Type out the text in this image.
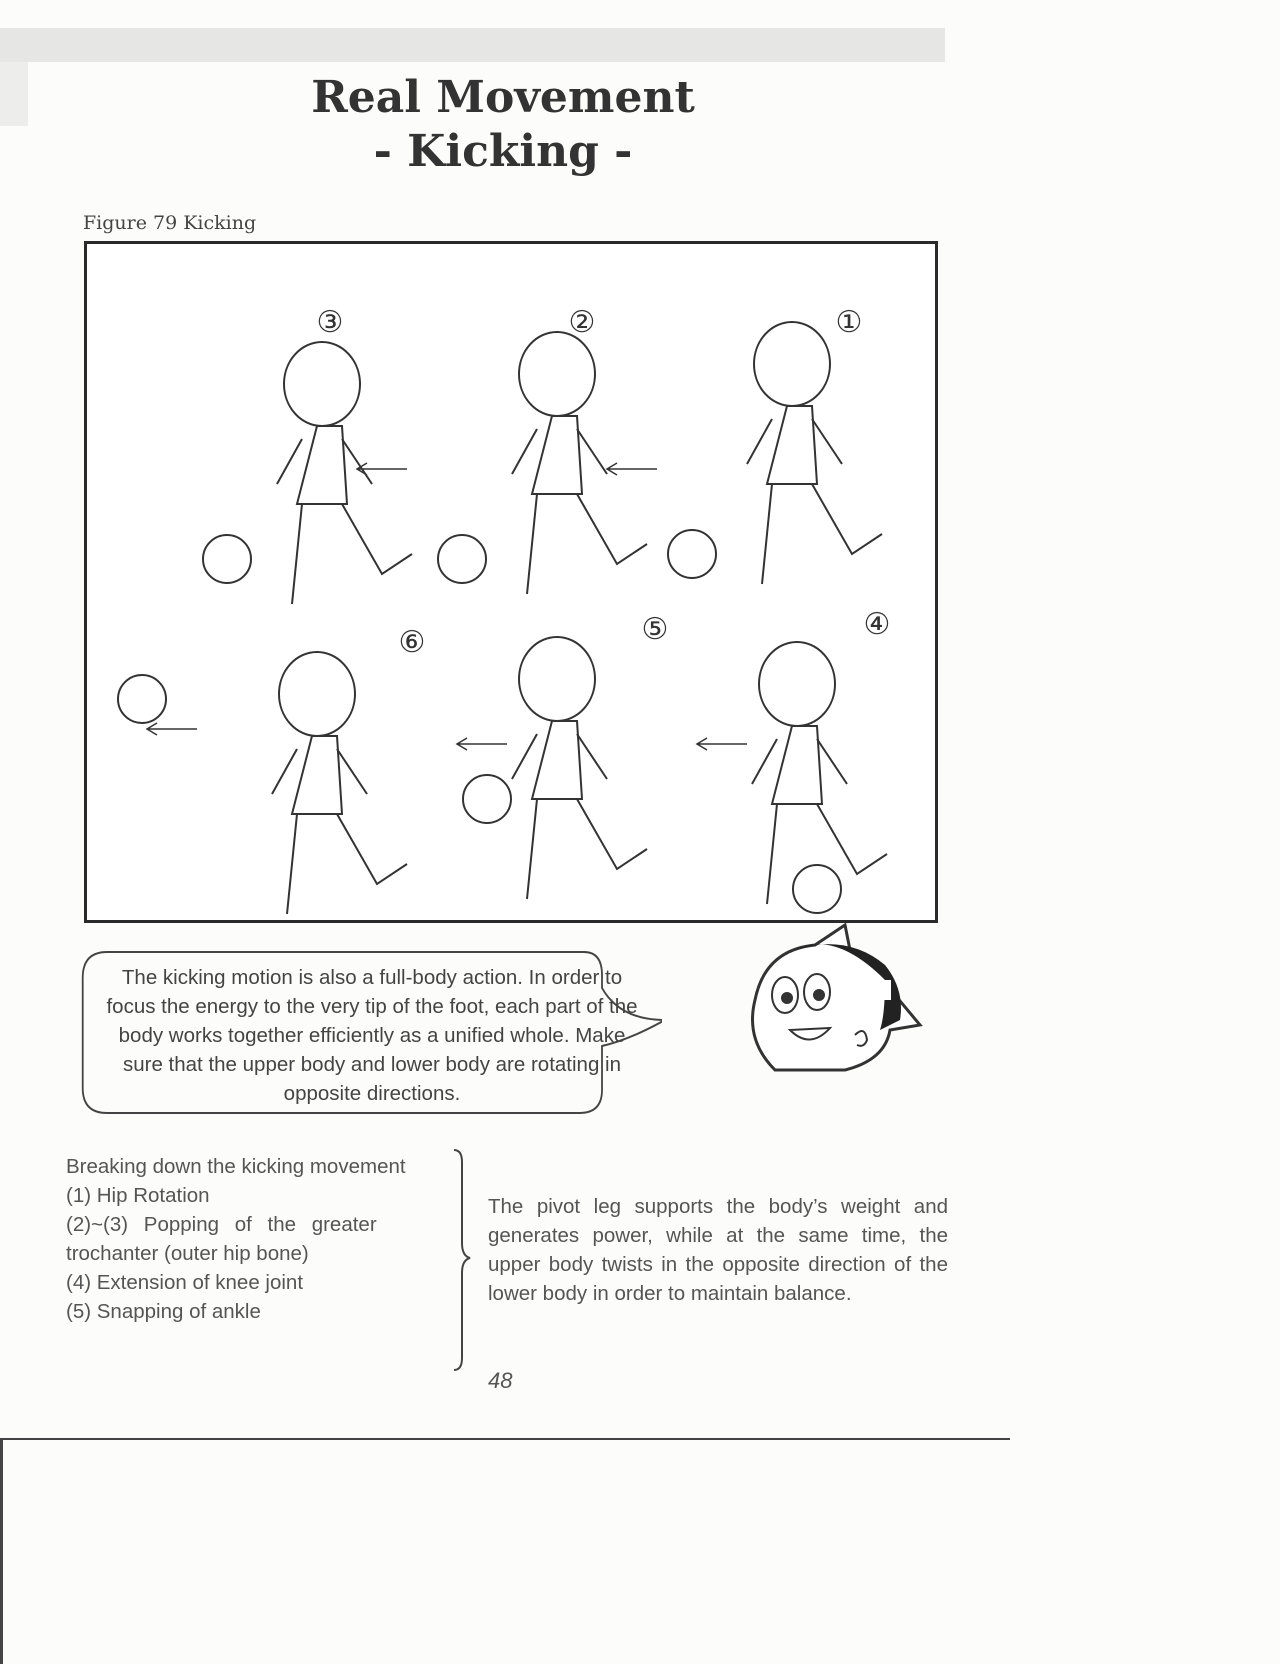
Real Movement
- Kicking -
Figure 79 Kicking
①
②
③
④
⑤
⑥
The kicking motion is also a full-body action. In order to focus the energy to the very tip of the foot, each part of the body works together efficiently as a unified whole. Make sure that the upper body and lower body are rotating in opposite directions.
Breaking down the kicking movement
(1) Hip Rotation
(2)~(3) Popping of the greater
trochanter (outer hip bone)
(4) Extension of knee joint
(5) Snapping of ankle
The pivot leg supports the body’s weight and generates power, while at the same time, the upper body twists in the opposite direction of the lower body in order to maintain balance.
48
